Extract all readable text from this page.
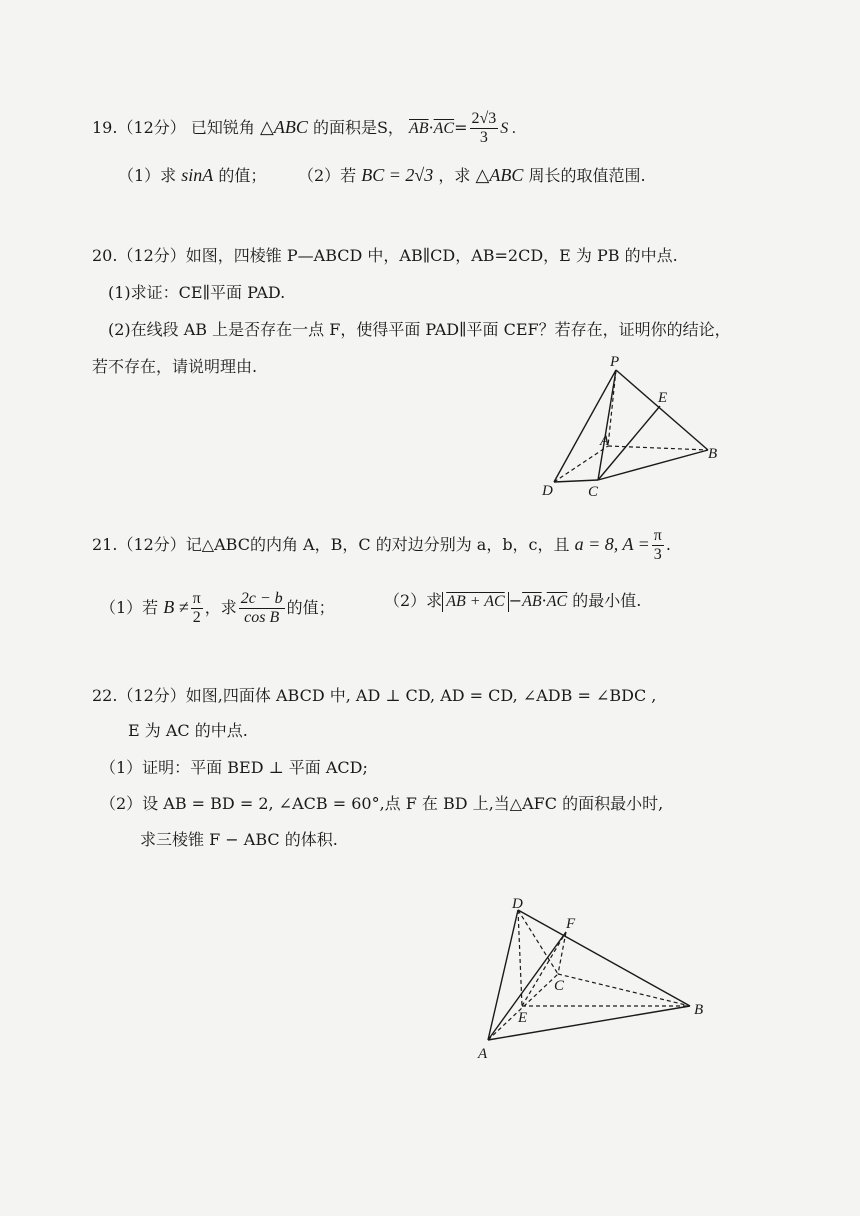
19.（12分） 已知锐角 △ABC 的面积是S， $\overline{AB}\cdot\overline{AC}= \frac{2√3}{3}$ S .
（1）求 sinA 的值； （2）若 BC = 2√3 ，求 △ABC 周长的取值范围.
20.（12分）如图，四棱锥 P—ABCD 中，AB∥CD，AB=2CD，E 为 PB 的中点.
(1)求证：CE∥平面 PAD.
(2)在线段 AB 上是否存在一点 F，使得平面 PAD∥平面 CEF？若存在，证明你的结论，
若不存在，请说明理由.	P
E
A
B
D C
21.（12分）记△ABC的内角 A，B，C 的对边分别为 a，b，c，且 a = 8, $A = \frac{\pi}{3}$ .
（1）若 $B \ne \frac{\pi}{2}$ ，求 $\frac{2c - b}{\text{cos B}}$ 的值；	（2）求 AB + AC $-\overline{AB}\cdot\overline{AC}$ 的最小值.
22.（12分）如图,四面体 ABCD 中, AD ⊥ CD, AD = CD, ∠ADB = ∠BDC ,
E 为 AC 的中点.
（1）证明：平面 BED ⊥ 平面 ACD;
（2）设 AB = BD = 2, ∠ACB = 60°,点 F 在 BD 上,当△AFC 的面积最小时,
求三棱锥 F − ABC 的体积.
D
F
C
E	B
A
